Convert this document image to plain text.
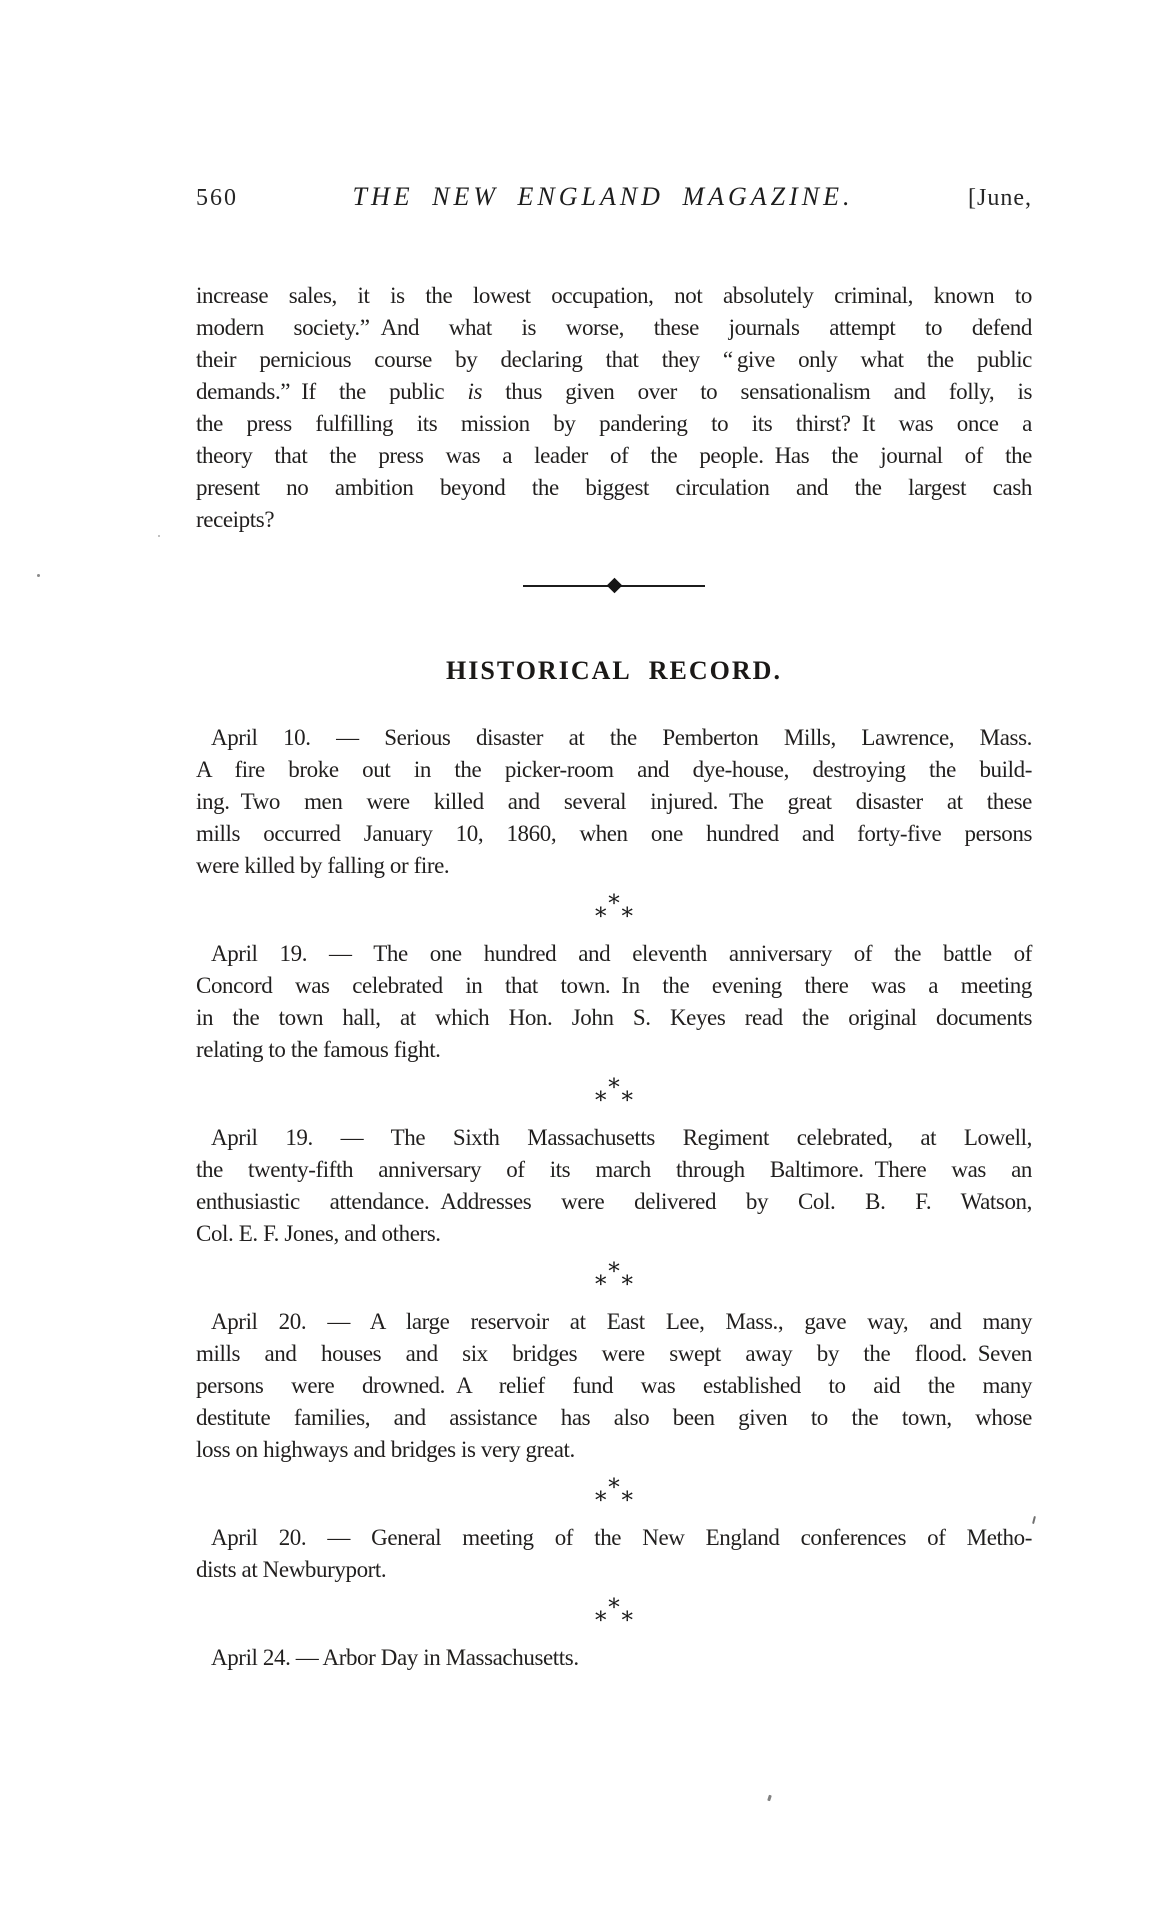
560	THE NEW ENGLAND MAGAZINE.	[June,
increase sales, it is the lowest occupation, not absolutely criminal, known to
modern society.” And what is worse, these journals attempt to defend
their pernicious course by declaring that they “ give only what the public
demands.” If the public is thus given over to sensationalism and folly, is
the press fulfilling its mission by pandering to its thirst? It was once a
theory that the press was a leader of the people. Has the journal of the
present no ambition beyond the biggest circulation and the largest cash
receipts?
HISTORICAL RECORD.
April 10. — Serious disaster at the Pemberton Mills, Lawrence, Mass.
A fire broke out in the picker-room and dye-house, destroying the build-
ing. Two men were killed and several injured. The great disaster at these
mills occurred January 10, 1860, when one hundred and forty-five persons
were killed by falling or fire.
*
* *
April 19. — The one hundred and eleventh anniversary of the battle of
Concord was celebrated in that town. In the evening there was a meeting
in the town hall, at which Hon. John S. Keyes read the original documents
relating to the famous fight.
*
* *
April 19. — The Sixth Massachusetts Regiment celebrated, at Lowell,
the twenty-fifth anniversary of its march through Baltimore. There was an
enthusiastic attendance. Addresses were delivered by Col. B. F. Watson,
Col. E. F. Jones, and others.
*
* *
April 20. — A large reservoir at East Lee, Mass., gave way, and many
mills and houses and six bridges were swept away by the flood. Seven
persons were drowned. A relief fund was established to aid the many
destitute families, and assistance has also been given to the town, whose
loss on highways and bridges is very great.
*
* *
April 20. — General meeting of the New England conferences of Metho-
dists at Newburyport.
*
* *
April 24. — Arbor Day in Massachusetts.
